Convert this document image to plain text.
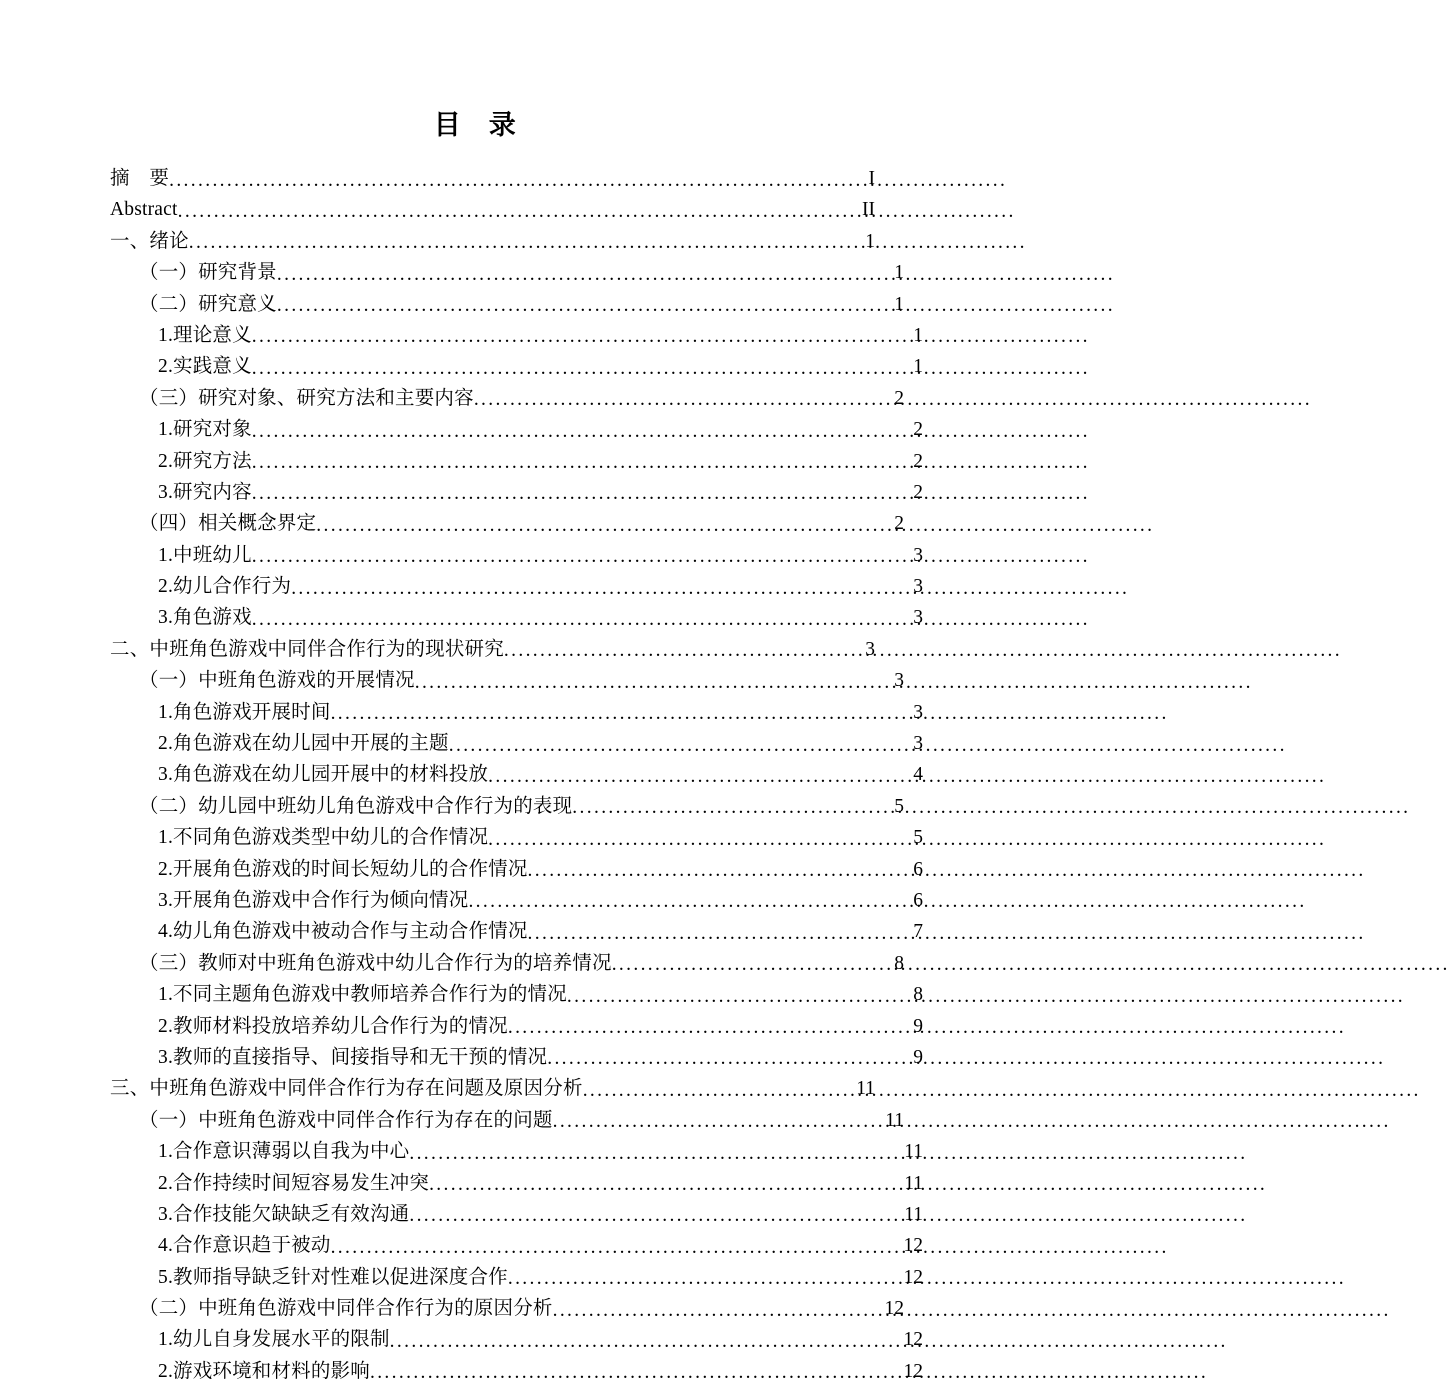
目　录
摘　要 .....	I
Abstract .....	II
一、绪论 .....	1
（一）研究背景 .....	1
（二）研究意义 .....	1
1.理论意义 .....	1
2.实践意义 .....	1
（三）研究对象、研究方法和主要内容 .....	2
1.研究对象 .....	2
2.研究方法 .....	2
3.研究内容 .....	2
（四）相关概念界定 .....	2
1.中班幼儿 .....	3
2.幼儿合作行为 .....	3
3.角色游戏 .....	3
二、中班角色游戏中同伴合作行为的现状研究 .....	3
（一）中班角色游戏的开展情况 .....	3
1.角色游戏开展时间 .....	3
2.角色游戏在幼儿园中开展的主题 .....	3
3.角色游戏在幼儿园开展中的材料投放 .....	4
（二）幼儿园中班幼儿角色游戏中合作行为的表现 .....	5
1.不同角色游戏类型中幼儿的合作情况 .....	5
2.开展角色游戏的时间长短幼儿的合作情况 .....	6
3.开展角色游戏中合作行为倾向情况 .....	6
4.幼儿角色游戏中被动合作与主动合作情况 .....	7
（三）教师对中班角色游戏中幼儿合作行为的培养情况 .....	8
1.不同主题角色游戏中教师培养合作行为的情况 .....	8
2.教师材料投放培养幼儿合作行为的情况 .....	9
3.教师的直接指导、间接指导和无干预的情况 .....	9
三、中班角色游戏中同伴合作行为存在问题及原因分析 .....	11
（一）中班角色游戏中同伴合作行为存在的问题 .....	11
1.合作意识薄弱以自我为中心 .....	11
2.合作持续时间短容易发生冲突 .....	11
3.合作技能欠缺缺乏有效沟通 .....	11
4.合作意识趋于被动 .....	12
5.教师指导缺乏针对性难以促进深度合作 .....	12
（二）中班角色游戏中同伴合作行为的原因分析 .....	12
1.幼儿自身发展水平的限制 .....	12
2.游戏环境和材料的影响 .....	12
